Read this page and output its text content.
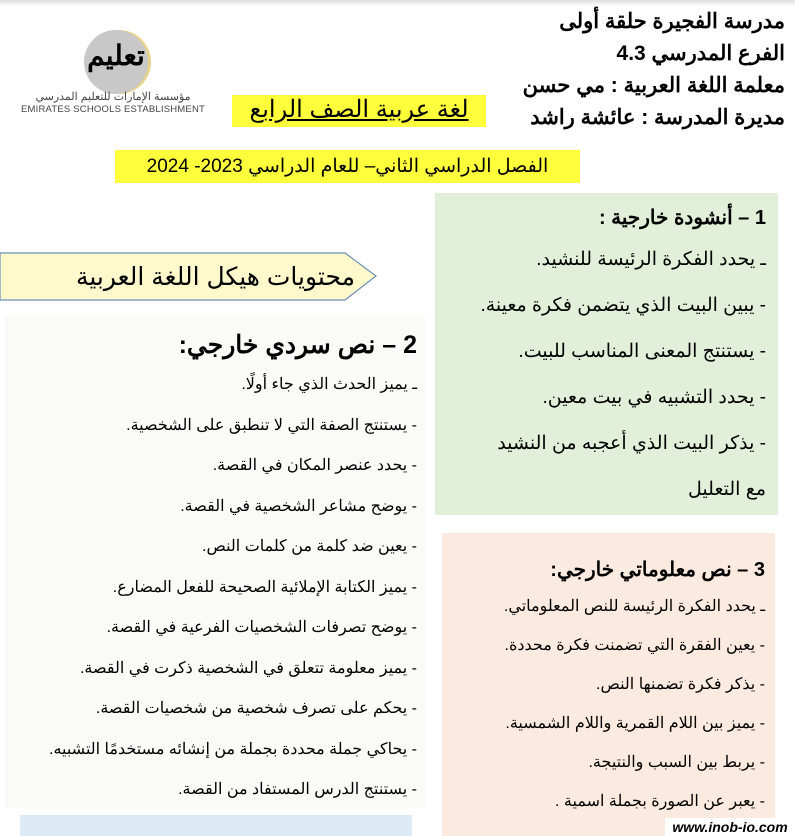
مدرسة الفجيرة حلقة أولى
الفرع المدرسي 4.3
معلمة اللغة العربية : مي حسن
مديرة المدرسة : عائشة راشد
تعليم
مؤسسة الإمارات للتعليم المدرسي
EMIRATES SCHOOLS ESTABLISHMENT	لغة عربية الصف الرابع
الفصل الدراسي الثاني– للعام الدراسي 2023- 2024
محتويات هيكل اللغة العربية
1 – أنشودة خارجية :
ـ يحدد الفكرة الرئيسة للنشيد.
- يبين البيت الذي يتضمن فكرة معينة.
- يستنتج المعنى المناسب للبيت.
- يحدد التشبيه في بيت معين.
- يذكر البيت الذي أعجبه من النشيد
مع التعليل
2 – نص سردي خارجي:
ـ يميز الحدث الذي جاء أولًا.
- يستنتج الصفة التي لا تنطبق على الشخصية.
- يحدد عنصر المكان في القصة.
- يوضح مشاعر الشخصية في القصة.
- يعين ضد كلمة من كلمات النص.
- يميز الكتابة الإملائية الصحيحة للفعل المضارع.
- يوضح تصرفات الشخصيات الفرعية في القصة.
- يميز معلومة تتعلق في الشخصية ذكرت في القصة.
- يحكم على تصرف شخصية من شخصيات القصة.
- يحاكي جملة محددة بجملة من إنشائه مستخدمًا التشبيه.
- يستنتج الدرس المستفاد من القصة.
3 – نص معلوماتي خارجي:
ـ يحدد الفكرة الرئيسة للنص المعلوماتي.
- يعين الفقرة التي تضمنت فكرة محددة.
- يذكر فكرة تضمنها النص.
- يميز بين اللام القمرية واللام الشمسية.
- يربط بين السبب والنتيجة.
- يعبر عن الصورة بجملة اسمية .
www.inob-io.com
